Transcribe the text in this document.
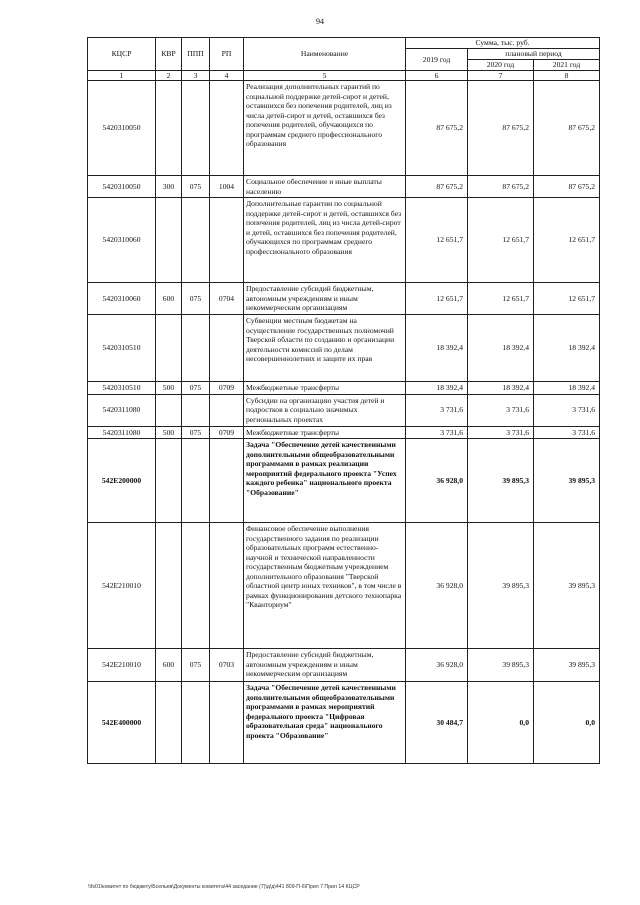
94
КЦСР	КВР	ППП	РП	Наименование	Сумма, тыс. руб.		
					2019 год	плановый период	
						2020 год	2021 год
1	2	3	4	5	6	7	8
5420310050				Реализация дополнительных гарантий по социальной поддержке детей-сирот и детей, оставшихся без попечения родителей, лиц из числа детей-сирот и детей, оставшихся без попечения родителей, обучающихся по программам среднего профессионального образования	87 675,2	87 675,2	87 675,2
5420310050	300	075	1004	Социальное обеспечение и иные выплаты населению	87 675,2	87 675,2	87 675,2
5420310060				Дополнительные гарантии по социальной поддержке детей-сирот и детей, оставшихся без попечения родителей, лиц из числа детей-сирот и детей, оставшихся без попечения родителей, обучающихся по программам среднего профессионального образования	12 651,7	12 651,7	12 651,7
5420310060	600	075	0704	Предоставление субсидий бюджетным, автономным учреждениям и иным некоммерческим организациям	12 651,7	12 651,7	12 651,7
5420310510				Субвенции местным бюджетам на осуществление государственных полномочий Тверской области по созданию и организации деятельности комиссий по делам несовершеннолетних и защите их прав	18 392,4	18 392,4	18 392,4
5420310510	500	075	0709	Межбюджетные трансферты	18 392,4	18 392,4	18 392,4
5420311080				Субсидии на организацию участия детей и подростков в социально значимых региональных проектах	3 731,6	3 731,6	3 731,6
5420311080	500	075	0709	Межбюджетные трансферты	3 731,6	3 731,6	3 731,6
542E200000				Задача "Обеспечение детей качественными дополнительными общеобразовательными программами в рамках реализации мероприятий федерального проекта "Успех каждого ребенка" национального проекта "Образование"	36 928,0	39 895,3	39 895,3
542E210010				Финансовое обеспечение выполнения государственного задания по реализации образовательных программ естественно-научной и технической направленности государственным бюджетным учреждением дополнительного образования "Тверской областной центр юных техников", в том числе в рамках функционирования детского технопарка "Кванториум"	36 928,0	39 895,3	39 895,3
542E210010	600	075	0703	Предоставление субсидий бюджетным, автономным учреждениям и иным некоммерческим организациям	36 928,0	39 895,3	39 895,3
542E400000				Задача "Обеспечение детей качественными дополнительными общеобразовательными программами в рамках мероприятий федерального проекта "Цифровая образовательная среда" национального проекта "Образование"	30 484,7	0,0	0,0
\\fs01\комитет по бюджету\Бсельев\Документы комитета\44 заседание (7)\д\д\441 809-П-6\Прил 7 Прил 14 КЦСР
